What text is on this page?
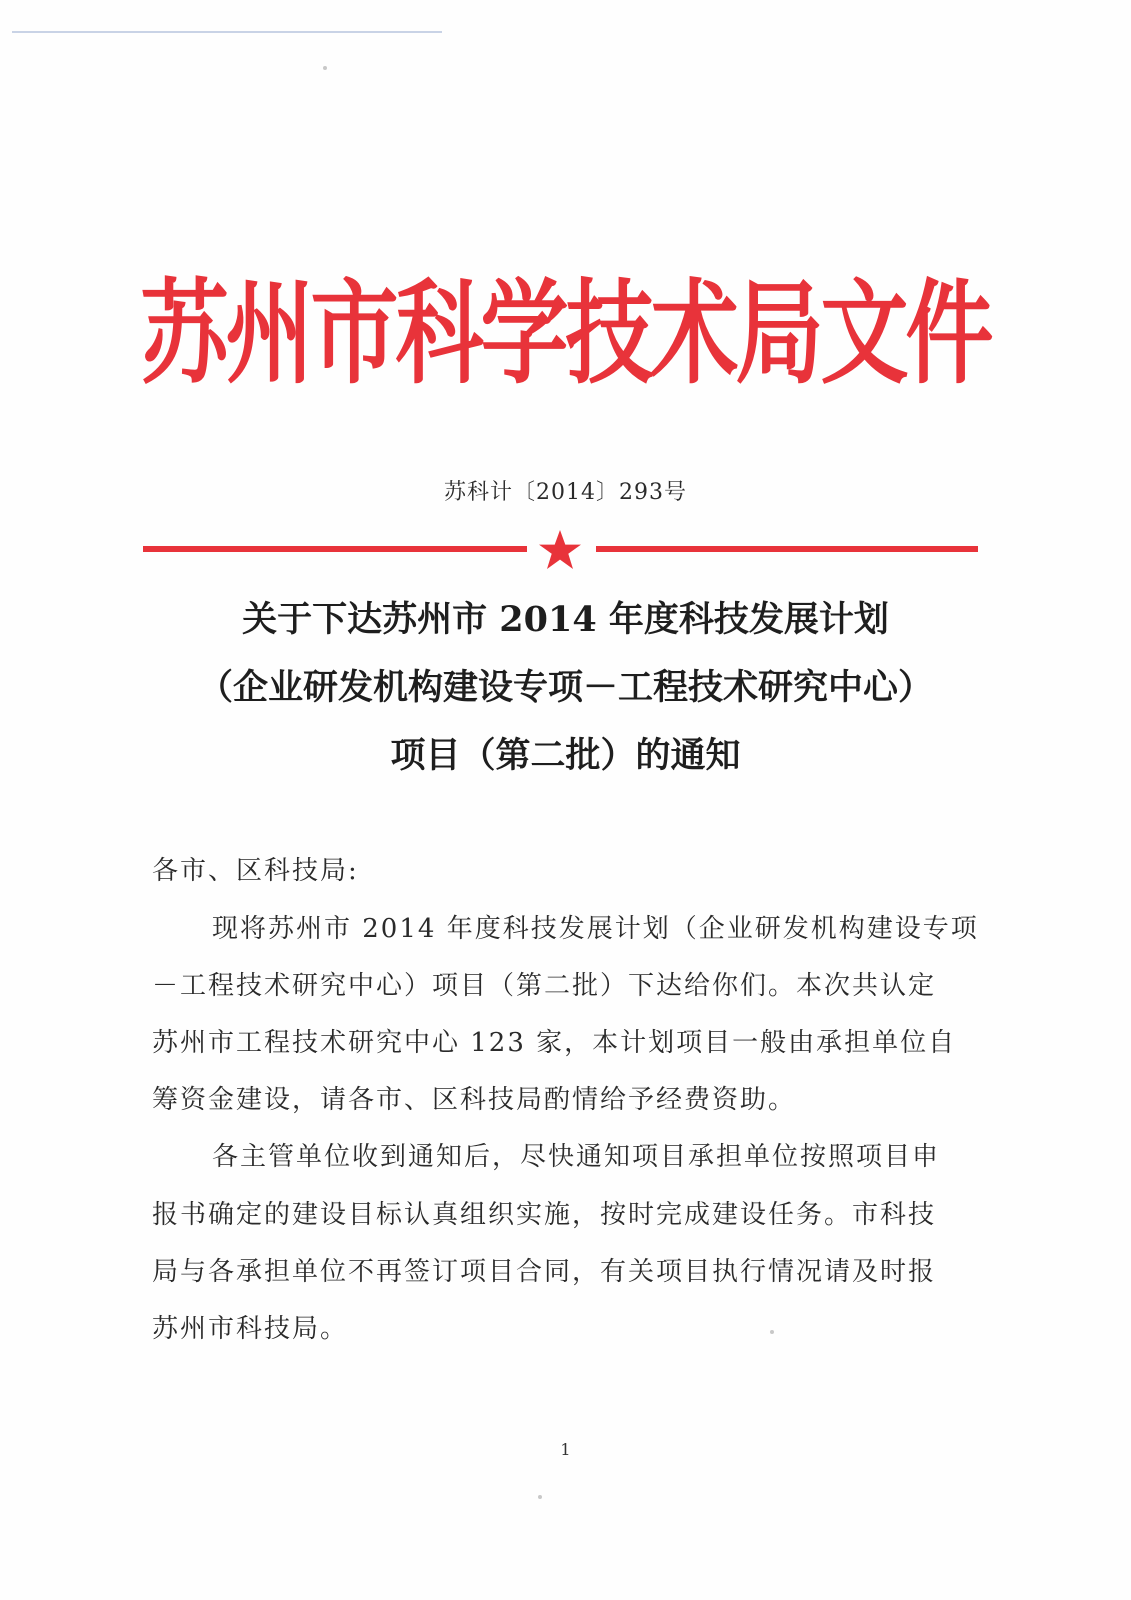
苏州市科学技术局文件
苏科计〔2014〕293号
关于下达苏州市 2014 年度科技发展计划
（企业研发机构建设专项－工程技术研究中心）
项目（第二批）的通知
各市、区科技局:
现将苏州市 2014 年度科技发展计划（企业研发机构建设专项
－工程技术研究中心）项目（第二批）下达给你们。本次共认定
苏州市工程技术研究中心 123 家，本计划项目一般由承担单位自
筹资金建设，请各市、区科技局酌情给予经费资助。
各主管单位收到通知后，尽快通知项目承担单位按照项目申
报书确定的建设目标认真组织实施，按时完成建设任务。市科技
局与各承担单位不再签订项目合同，有关项目执行情况请及时报
苏州市科技局。
1
